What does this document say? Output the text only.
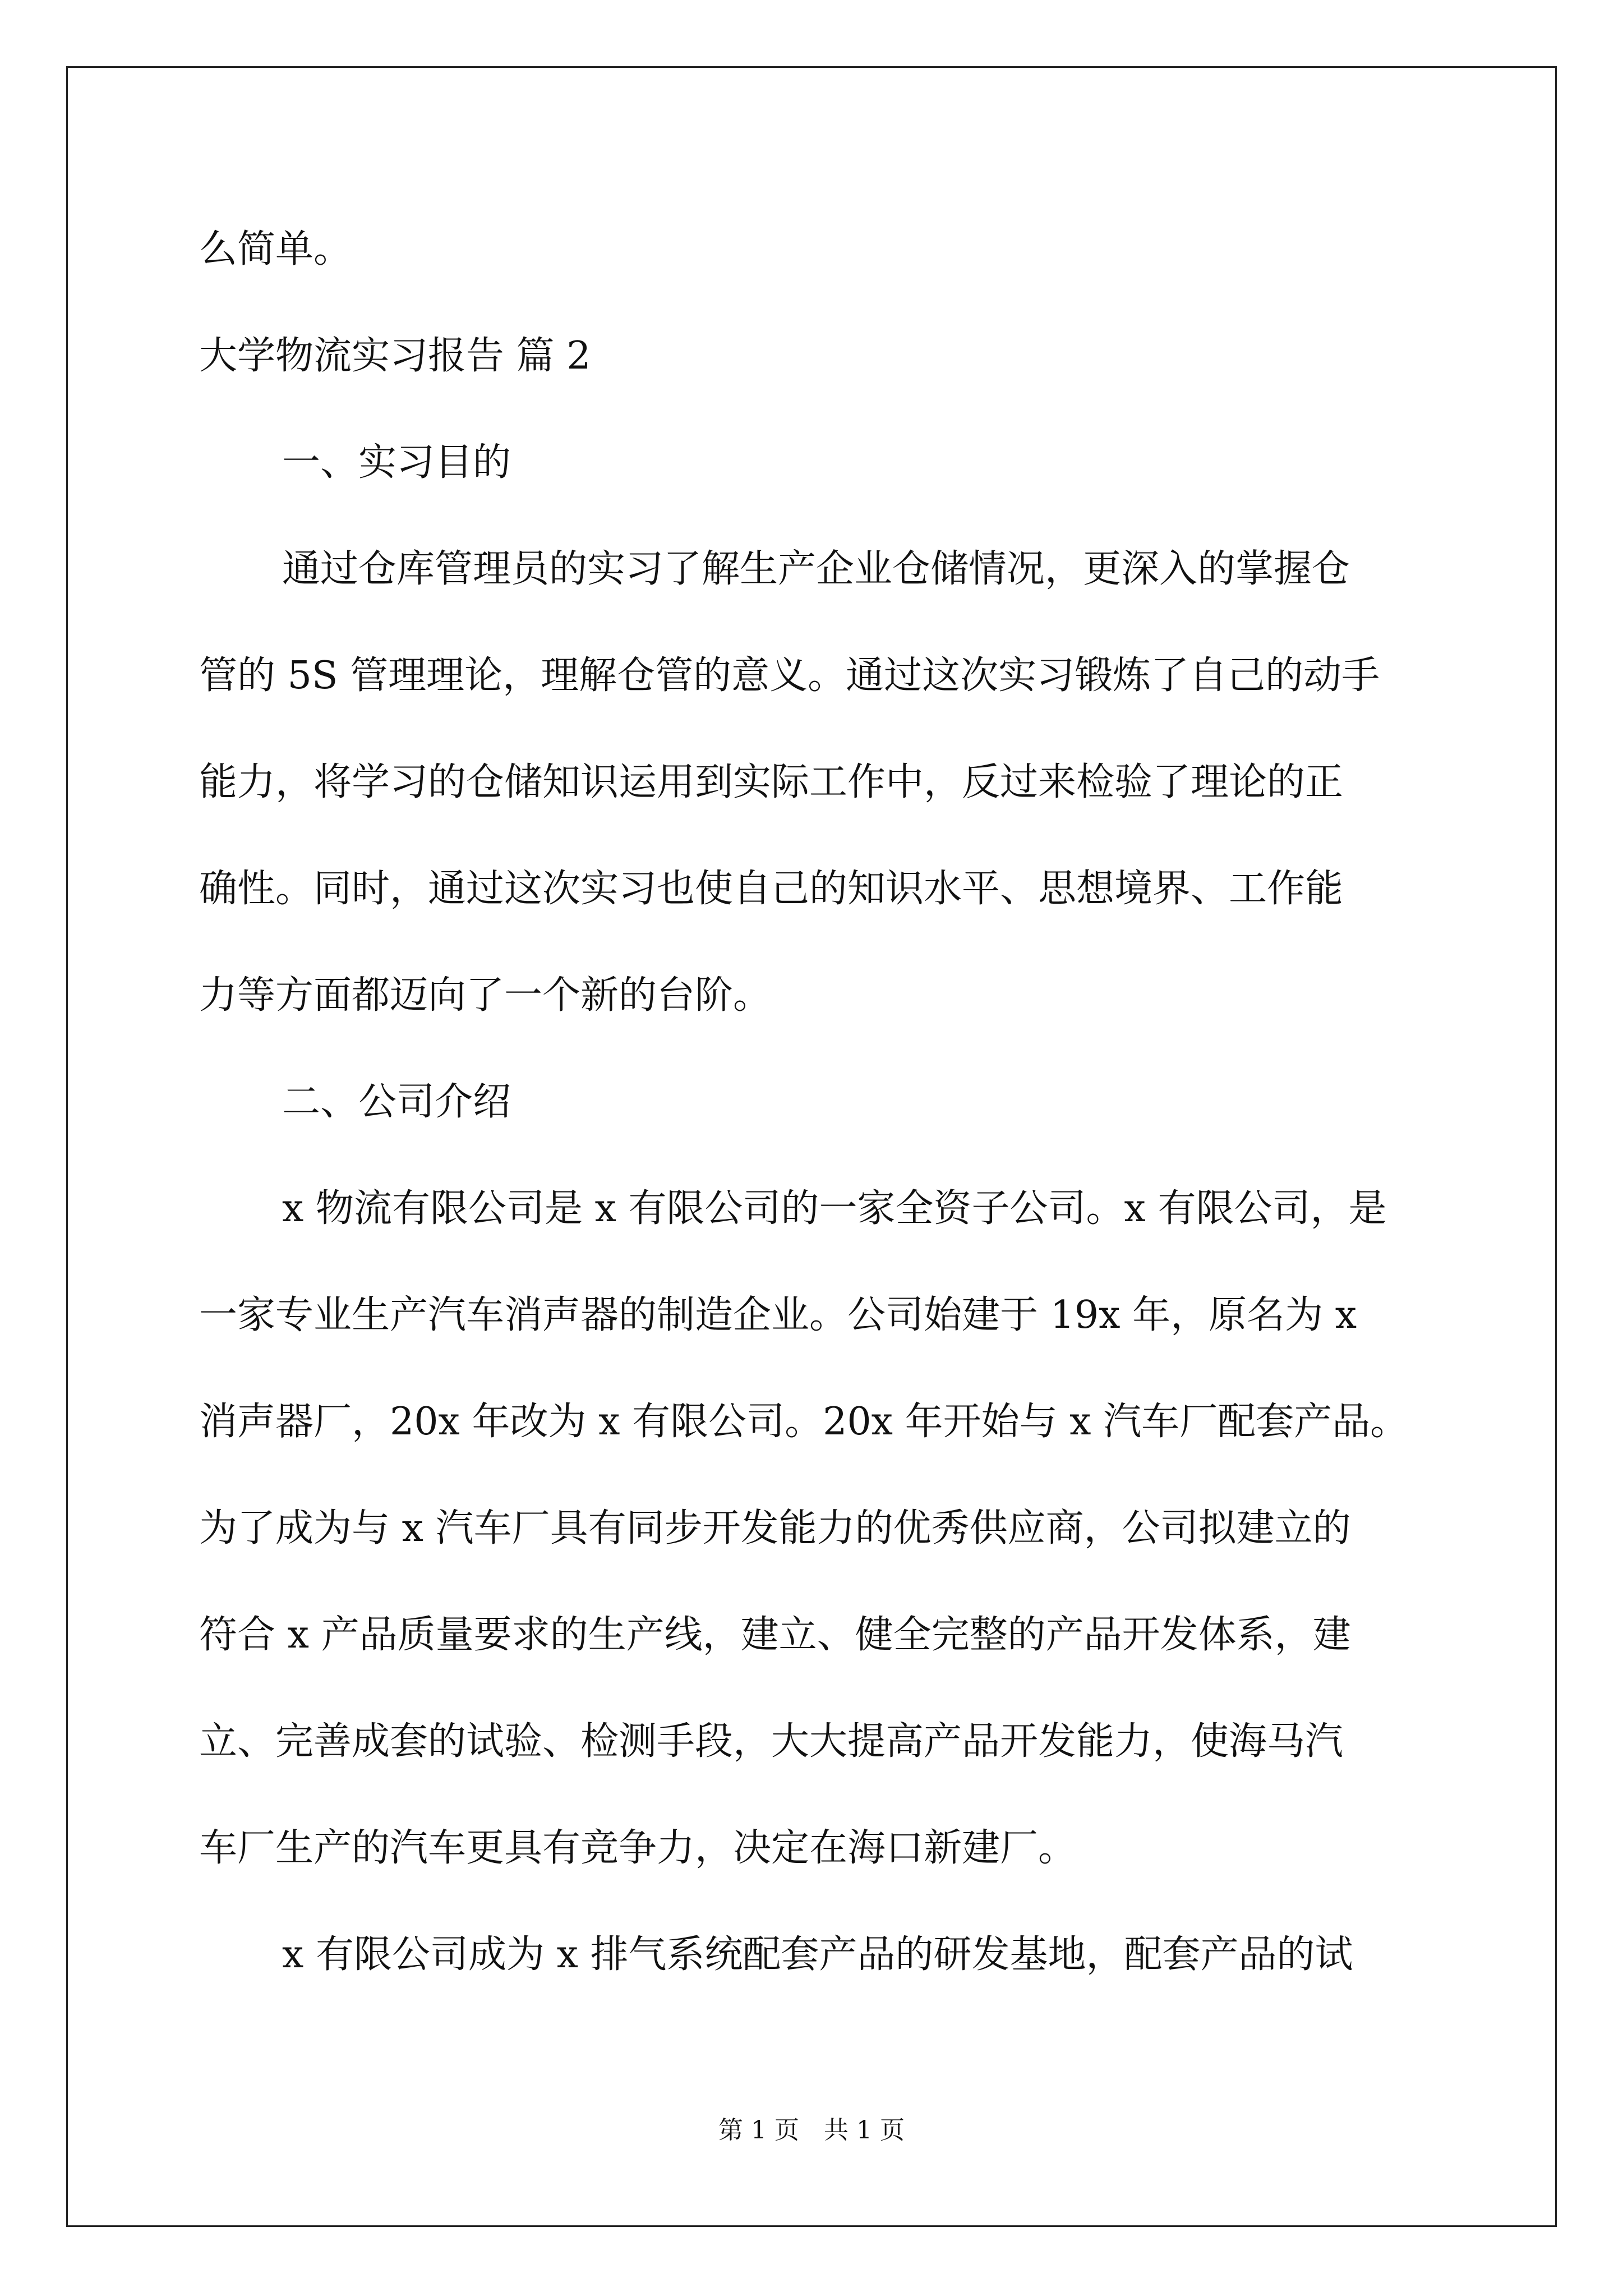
么简单。
大学物流实习报告 篇 2
一、实习目的
通过仓库管理员的实习了解生产企业仓储情况，更深入的掌握仓
管的 5S 管理理论，理解仓管的意义。通过这次实习锻炼了自己的动手
能力，将学习的仓储知识运用到实际工作中，反过来检验了理论的正
确性。同时，通过这次实习也使自己的知识水平、思想境界、工作能
力等方面都迈向了一个新的台阶。
二、公司介绍
x 物流有限公司是 x 有限公司的一家全资子公司。x 有限公司，是
一家专业生产汽车消声器的制造企业。公司始建于 19x 年，原名为 x
消声器厂，20x 年改为 x 有限公司。20x 年开始与 x 汽车厂配套产品。
为了成为与 x 汽车厂具有同步开发能力的优秀供应商，公司拟建立的
符合 x 产品质量要求的生产线，建立、健全完整的产品开发体系，建
立、完善成套的试验、检测手段，大大提高产品开发能力，使海马汽
车厂生产的汽车更具有竞争力，决定在海口新建厂。
x 有限公司成为 x 排气系统配套产品的研发基地，配套产品的试
第 1 页　共 1 页
